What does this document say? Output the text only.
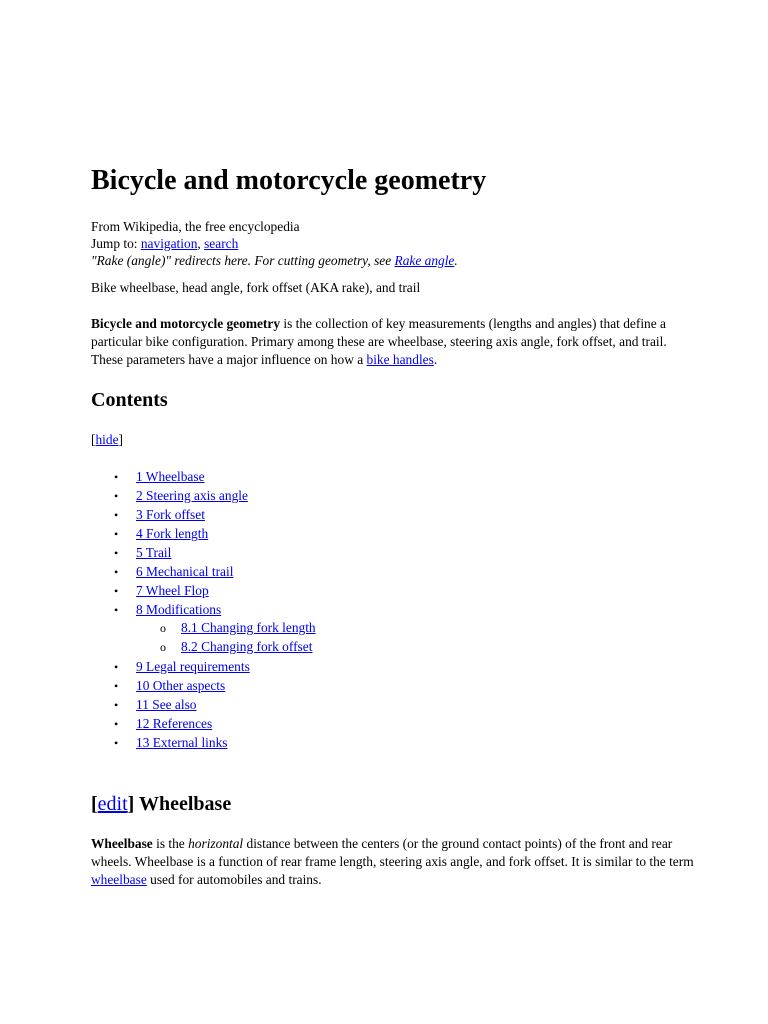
Bicycle and motorcycle geometry
From Wikipedia, the free encyclopedia
Jump to: navigation, search
"Rake (angle)" redirects here. For cutting geometry, see Rake angle.
Bike wheelbase, head angle, fork offset (AKA rake), and trail

Bicycle and motorcycle geometry is the collection of key measurements (lengths and angles) that define a particular bike configuration. Primary among these are wheelbase, steering axis angle, fork offset, and trail. These parameters have a major influence on how a bike handles.

Contents
[hide]
• 1 Wheelbase
• 2 Steering axis angle
• 3 Fork offset
• 4 Fork length
• 5 Trail
• 6 Mechanical trail
• 7 Wheel Flop
• 8 Modifications
o 8.1 Changing fork length
o 8.2 Changing fork offset
• 9 Legal requirements
• 10 Other aspects
• 11 See also
• 12 References
• 13 External links
[edit] Wheelbase

Wheelbase is the horizontal distance between the centers (or the ground contact points) of the front and rear wheels. Wheelbase is a function of rear frame length, steering axis angle, and fork offset. It is similar to the term wheelbase used for automobiles and trains.
